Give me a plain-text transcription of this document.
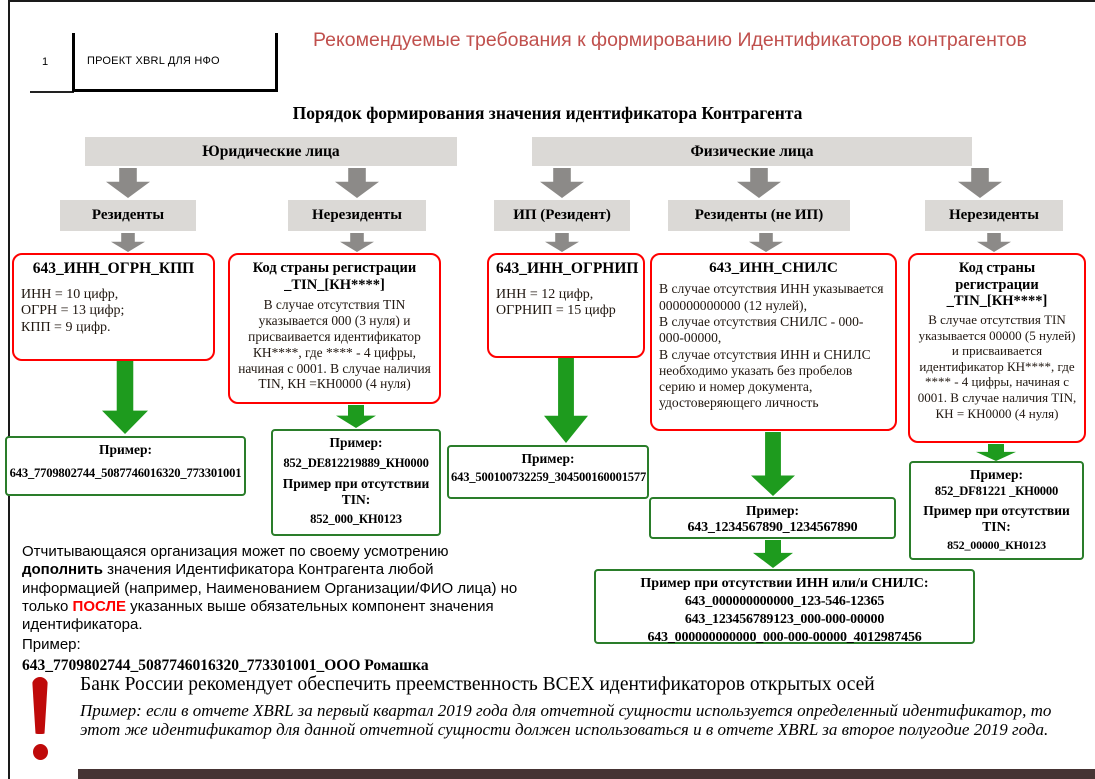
1	ПРОЕКТ XBRL ДЛЯ НФО
Рекомендуемые требования к формированию Идентификаторов контрагентов
Порядок формирования значения идентификатора Контрагента
Юридические лица	Физические лица
Резиденты	Нерезиденты	ИП (Резидент)	Резиденты (не ИП)	Нерезиденты
643_ИНН_ОГРН_КПП
ИНН = 10 цифр,
ОГРН = 13 цифр;
КПП = 9 цифр.
Код страны регистрации _TIN_[КН****]
В случае отсутствия TIN указывается 000 (3 нуля) и присваивается идентификатор КН****, где **** - 4 цифры, начиная с 0001. В случае наличия TIN, КН =КН0000 (4 нуля)
643_ИНН_ОГРНИП
ИНН = 12 цифр,
ОГРНИП = 15 цифр
643_ИНН_СНИЛС
В случае отсутствия ИНН указывается 000000000000 (12 нулей),
В случае отсутствия СНИЛС - 000-000-00000,
В случае отсутствия ИНН и СНИЛС необходимо указать без пробелов серию и номер документа, удостоверяющего личность
Код страны регистрации _TIN_[КН****]
В случае отсутствия TIN указывается 00000 (5 нулей) и присваивается идентификатор КН****, где **** - 4 цифры, начиная с 0001. В случае наличия TIN, КН = КН0000 (4 нуля)
Пример:
643_7709802744_5087746016320_773301001
Пример:
852_DE812219889_КН0000
Пример при отсутствии TIN:
852_000_КН0123
Пример:
643_500100732259_304500160001577
Пример:
643_1234567890_1234567890
Пример:
852_DF81221 _КН0000
Пример при отсутствии TIN:
852_00000_КН0123
Пример при отсутствии ИНН или/и СНИЛС:
643_000000000000_123-546-12365
643_123456789123_000-000-00000
643_000000000000_000-000-00000_4012987456
Отчитывающаяся организация может по своему усмотрению дополнить значения Идентификатора Контрагента любой информацией (например, Наименованием Организации/ФИО лица) но только ПОСЛЕ указанных выше обязательных компонент значения идентификатора.
Пример:
643_7709802744_5087746016320_773301001_ООО Ромашка
Банк России рекомендует обеспечить преемственность ВСЕХ идентификаторов открытых осей
Пример: если в отчете XBRL за первый квартал 2019 года для отчетной сущности используется определенный идентификатор, то этот же идентификатор для данной отчетной сущности должен использоваться и в отчете XBRL за второе полугодие 2019 года.
